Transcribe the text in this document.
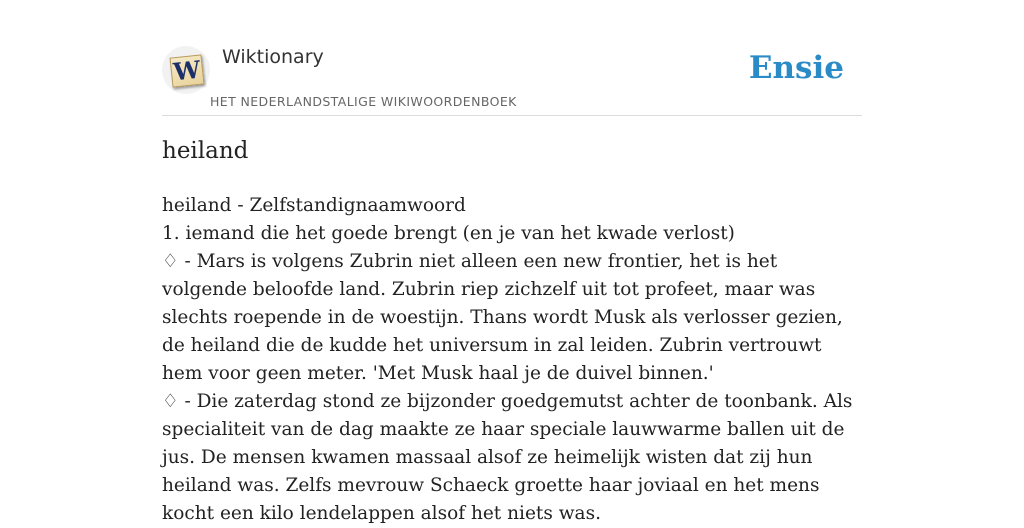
W Wiktionary
HET NEDERLANDSTALIGE WIKIWOORDENBOEK
Ensie
heiland

heiland - Zelfstandignaamwoord

1. iemand die het goede brengt (en je van het kwade verlost)

♢ - Mars is volgens Zubrin niet alleen een new frontier, het is het volgende beloofde land. Zubrin riep zichzelf uit tot profeet, maar was slechts roepende in de woestijn. Thans wordt Musk als verlosser gezien, de heiland die de kudde het universum in zal leiden. Zubrin vertrouwt hem voor geen meter. 'Met Musk haal je de duivel binnen.'

♢ - Die zaterdag stond ze bijzonder goedgemutst achter de toonbank. Als specialiteit van de dag maakte ze haar speciale lauwwarme ballen uit de jus. De mensen kwamen massaal alsof ze heimelijk wisten dat zij hun heiland was. Zelfs mevrouw Schaeck groette haar joviaal en het mens kocht een kilo lendelappen alsof het niets was.
